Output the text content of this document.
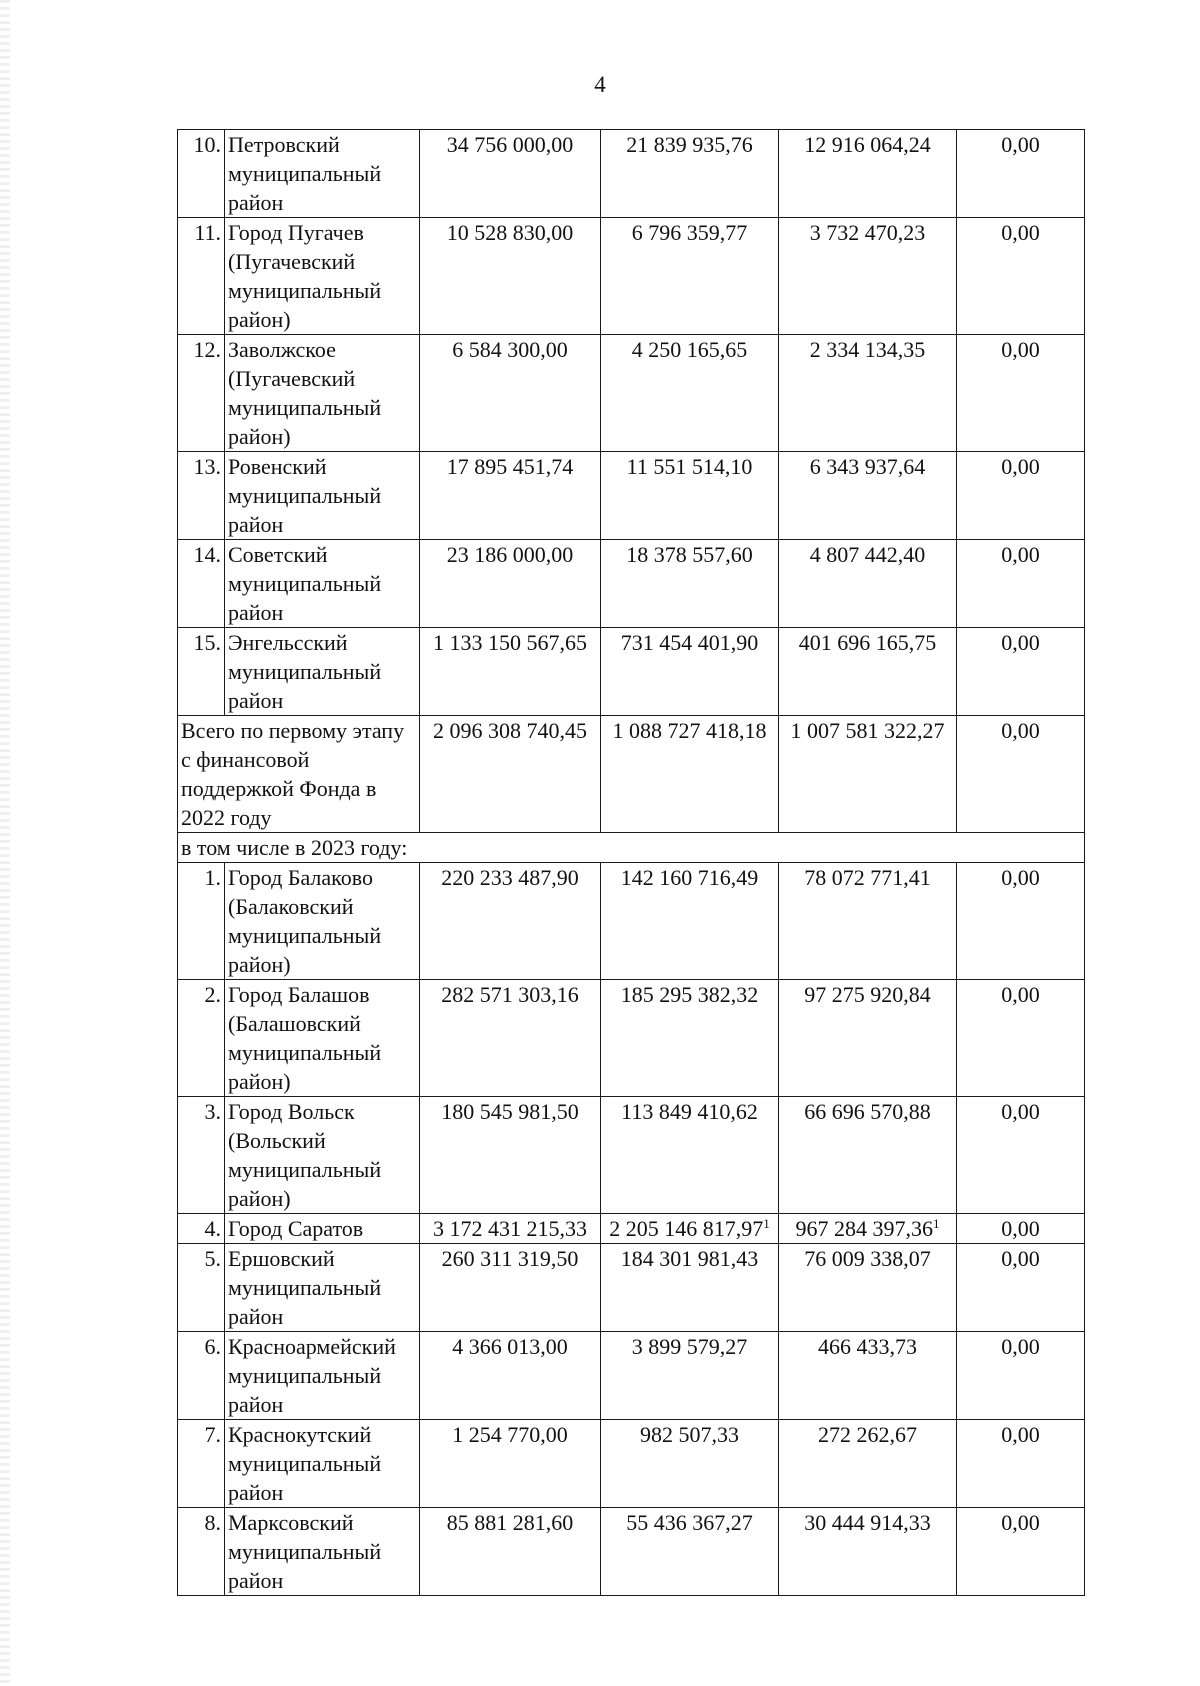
4
10.	Петровский муниципальный район	34 756 000,00	21 839 935,76	12 916 064,24	0,00
11.	Город Пугачев (Пугачевский муниципальный район)	10 528 830,00	6 796 359,77	3 732 470,23	0,00
12.	Заволжское (Пугачевский муниципальный район)	6 584 300,00	4 250 165,65	2 334 134,35	0,00
13.	Ровенский муниципальный район	17 895 451,74	11 551 514,10	6 343 937,64	0,00
14.	Советский муниципальный район	23 186 000,00	18 378 557,60	4 807 442,40	0,00
15.	Энгельсский муниципальный район	1 133 150 567,65	731 454 401,90	401 696 165,75	0,00
Всего по первому этапу с финансовой поддержкой Фонда в 2022 году		2 096 308 740,45	1 088 727 418,18	1 007 581 322,27	0,00
в том числе в 2023 году:					
1.	Город Балаково (Балаковский муниципальный район)	220 233 487,90	142 160 716,49	78 072 771,41	0,00
2.	Город Балашов (Балашовский муниципальный район)	282 571 303,16	185 295 382,32	97 275 920,84	0,00
3.	Город Вольск (Вольский муниципальный район)	180 545 981,50	113 849 410,62	66 696 570,88	0,00
4.	Город Саратов	3 172 431 215,33	2 205 146 817,97$^1$	967 284 397,36$^1$	0,00
5.	Ершовский муниципальный район	260 311 319,50	184 301 981,43	76 009 338,07	0,00
6.	Красноармейский муниципальный район	4 366 013,00	3 899 579,27	466 433,73	0,00
7.	Краснокутский муниципальный район	1 254 770,00	982 507,33	272 262,67	0,00
8.	Марксовский муниципальный район	85 881 281,60	55 436 367,27	30 444 914,33	0,00
